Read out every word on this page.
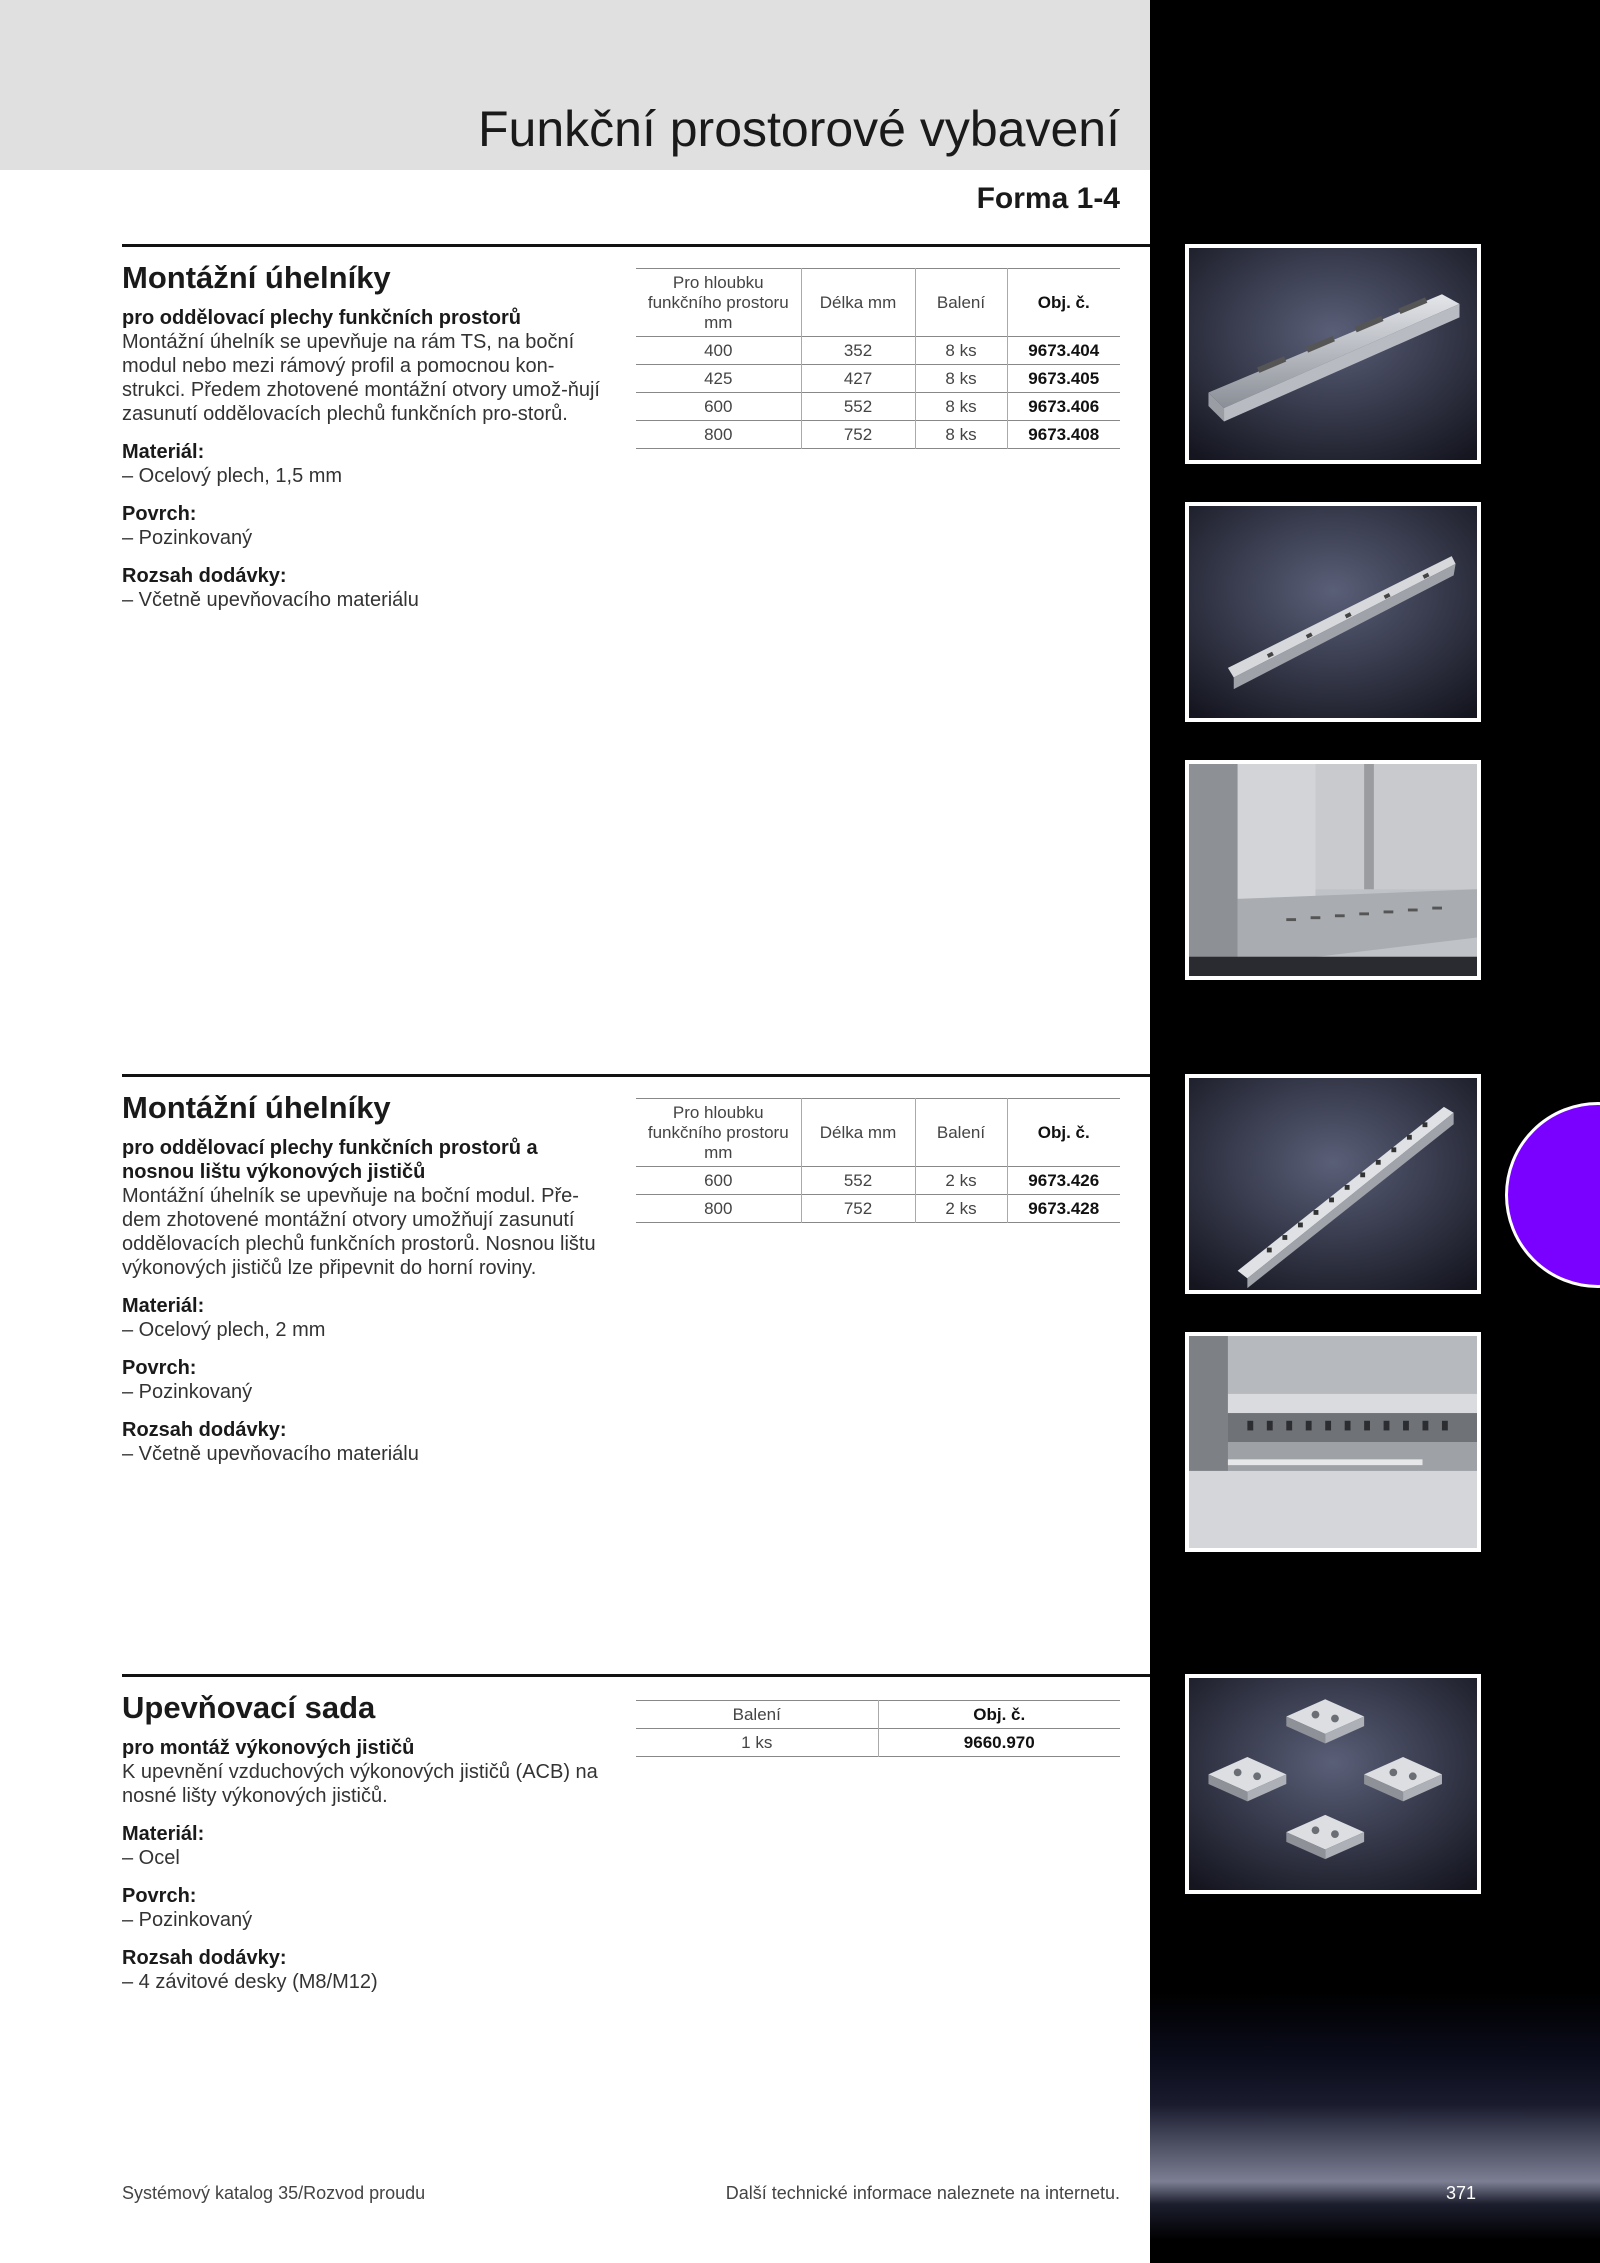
Funkční prostorové vybavení
Forma 1-4
Montážní úhelníky
pro oddělovací plechy funkčních prostorů
Montážní úhelník se upevňuje na rám TS, na boční modul nebo mezi rámový profil a pomocnou kon-strukci. Předem zhotovené montážní otvory umož-ňují zasunutí oddělovacích plechů funkčních pro-storů.
Materiál:
– Ocelový plech, 1,5 mm
Povrch:
– Pozinkovaný
Rozsah dodávky:
– Včetně upevňovacího materiálu
Pro hloubku funkčního prostoru mm	Délka mm	Balení	Obj. č.
400	352	8 ks	9673.404
425	427	8 ks	9673.405
600	552	8 ks	9673.406
800	752	8 ks	9673.408
Montážní úhelníky
pro oddělovací plechy funkčních prostorů a nosnou lištu výkonových jističů
Montážní úhelník se upevňuje na boční modul. Pře-dem zhotovené montážní otvory umožňují zasunutí oddělovacích plechů funkčních prostorů. Nosnou lištu výkonových jističů lze připevnit do horní roviny.
Materiál:
– Ocelový plech, 2 mm
Povrch:
– Pozinkovaný
Rozsah dodávky:
– Včetně upevňovacího materiálu
Pro hloubku funkčního prostoru mm	Délka mm	Balení	Obj. č.
600	552	2 ks	9673.426
800	752	2 ks	9673.428
Upevňovací sada
pro montáž výkonových jističů
K upevnění vzduchových výkonových jističů (ACB) na nosné lišty výkonových jističů.
Materiál:
– Ocel
Povrch:
– Pozinkovaný
Rozsah dodávky:
– 4 závitové desky (M8/M12)
Balení	Obj. č.
1 ks	9660.970
Systémový katalog 35/Rozvod proudu	Další technické informace naleznete na internetu.	371
